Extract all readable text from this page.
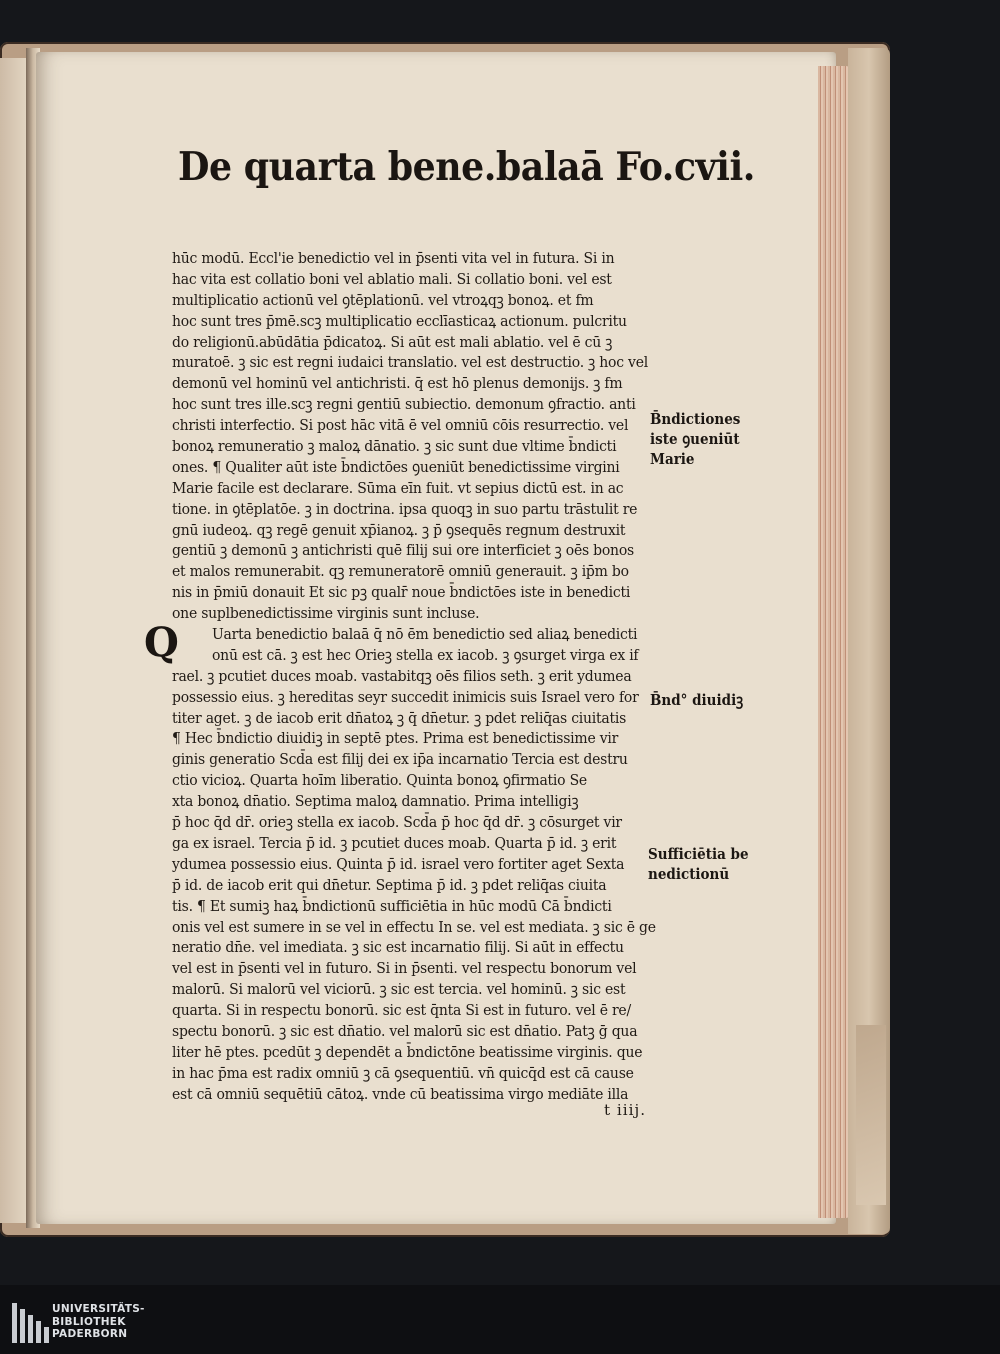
De quarta bene.balaā Fo.cvii.
hūc modū. Eccl'ie benedictio vel in p̄senti vita vel in futura. Si in
hac vita est collatio boni vel ablatio mali. Si collatio boni. vel est
multiplicatio actionū vel ꝯtēplationū. vel vtroꝝqꝫ bonoꝝ. et fm
hoc sunt tres p̄mē.scꝫ multiplicatio ecclīasticaꝝ actionum. pulcritu
do religionū.abūdātia p̄dicatoꝝ. Si aūt est mali ablatio. vel ē cū ꝫ
muratoē. ꝫ sic est regni iudaici translatio. vel est destructio. ꝫ hoc vel
demonū vel hominū vel antichristi. q̄ est hō plenus demonijs. ꝫ fm
hoc sunt tres ille.scꝫ regni gentiū subiectio. demonum ꝯfractio. anti
christi interfectio. Si post hāc vitā ē vel omniū cōis resurrectio. vel
bonoꝝ remuneratio ꝫ maloꝝ dānatio. ꝫ sic sunt due vltime b̄ndicti
ones. ¶ Qualiter aūt iste b̄ndictōes ꝯueniūt benedictissime virgini
Marie facile est declarare. Sūma eīn fuit. vt sepius dictū est. in ac
tione. in ꝯtēplatōe. ꝫ in doctrina. ipsa quoqꝫ in suo partu trāstulit re
gnū iudeoꝝ. qꝫ regē genuit xp̄ianoꝝ. ꝫ p̄ ꝯsequēs regnum destruxit
gentiū ꝫ demonū ꝫ antichristi quē filij sui ore interficiet ꝫ oēs bonos
et malos remunerabit. qꝫ remuneratorē omniū generauit. ꝫ ip̄m bo
nis in p̄miū donauit Et sic pꝫ qualr̄ noue b̄ndictōes iste in benedicti
one suplbenedictissime virginis sunt incluse.
Uarta benedictio balaā q̄ nō ēm benedictio sed aliaꝝ benedicti
onū est cā. ꝫ est hec Orieꝫ stella ex iacob. ꝫ ꝯsurget virga ex if
rael. ꝫ pcutiet duces moab. vastabitqꝫ oēs filios seth. ꝫ erit ydumea
possessio eius. ꝫ hereditas seyr succedit inimicis suis Israel vero for
titer aget. ꝫ de iacob erit dn̄atoꝝ ꝫ q̄ dn̄etur. ꝫ pdet reliq̄as ciuitatis
¶ Hec b̄ndictio diuidiꝫ in septē ptes. Prima est benedictissime vir
ginis generatio Scd̄a est filij dei ex ip̄a incarnatio Tercia est destru
ctio vicioꝝ. Quarta hoīm liberatio. Quinta bonoꝝ ꝯfirmatio Se
xta bonoꝝ dn̄atio. Septima maloꝝ damnatio. Prima intelligiꝫ
p̄ hoc q̄d dr̄. orieꝫ stella ex iacob. Scd̄a p̄ hoc q̄d dr̄. ꝫ cōsurget vir
ga ex israel. Tercia p̄ id. ꝫ pcutiet duces moab. Quarta p̄ id. ꝫ erit
ydumea possessio eius. Quinta p̄ id. israel vero fortiter aget Sexta
p̄ id. de iacob erit qui dn̄etur. Septima p̄ id. ꝫ pdet reliq̄as ciuita
tis. ¶ Et sumiꝫ haꝝ b̄ndictionū sufficiētia in hūc modū Cā b̄ndicti
onis vel est sumere in se vel in effectu In se. vel est mediata. ꝫ sic ē ge
neratio dn̄e. vel imediata. ꝫ sic est incarnatio filij. Si aūt in effectu
vel est in p̄senti vel in futuro. Si in p̄senti. vel respectu bonorum vel
malorū. Si malorū vel viciorū. ꝫ sic est tercia. vel hominū. ꝫ sic est
quarta. Si in respectu bonorū. sic est q̄nta Si est in futuro. vel ē re/
spectu bonorū. ꝫ sic est dn̄atio. vel malorū sic est dn̄atio. Patꝫ ḡ qua
liter hē ptes. pcedūt ꝫ dependēt a b̄ndictōne beatissime virginis. que
in hac p̄ma est radix omniū ꝫ cā ꝯsequentiū. vn̄ quicq̄d est cā cause
est cā omniū sequētiū cātoꝝ. vnde cū beatissima virgo mediāte illa
Q
t iiij.
B̄ndictiones
iste ꝯueniūt
Marie
B̄nd° diuidiꝫ
Sufficiētia be
nedictionū
UNIVERSITÄTS-
BIBLIOTHEK
PADERBORN
